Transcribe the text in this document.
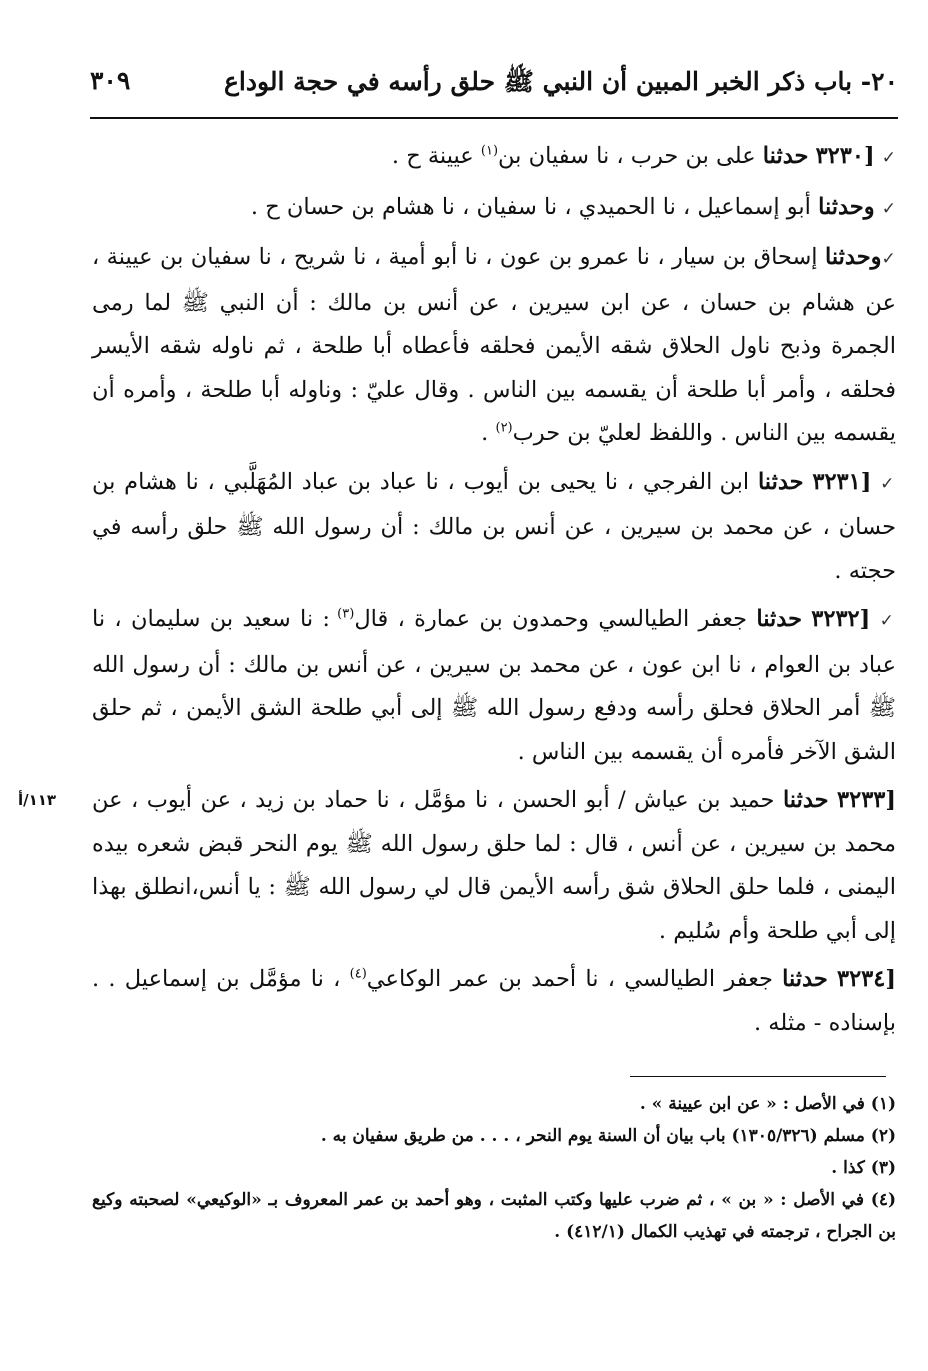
٢٠- باب ذكر الخبر المبين أن النبي ﷺ حلق رأسه في حجة الوداع
٣٠٩
١١٣/أ

✓ [٣٢٣٠ حدثنا على بن حرب ، نا سفيان بن$^{(١)}$ عيينة ح .

✓ وحدثنا أبو إسماعيل ، نا الحميدي ، نا سفيان ، نا هشام بن حسان ح .

✓وحدثنا إسحاق بن سيار ، نا عمرو بن عون ، نا أبو أمية ، نا شريح ، نا سفيان بن عيينة ، عن هشام بن حسان ، عن ابن سيرين ، عن أنس بن مالك : أن النبي ﷺ لما رمى الجمرة وذبح ناول الحلاق شقه الأيمن فحلقه فأعطاه أبا طلحة ، ثم ناوله شقه الأيسر فحلقه ، وأمر أبا طلحة أن يقسمه بين الناس . وقال عليّ : وناوله أبا طلحة ، وأمره أن يقسمه بين الناس . واللفظ لعليّ بن حرب$^{(٢)}$ .

✓ [٣٢٣١ حدثنا ابن الفرجي ، نا يحيى بن أيوب ، نا عباد بن عباد المُهَلَّبي ، نا هشام بن حسان ، عن محمد بن سيرين ، عن أنس بن مالك : أن رسول الله ﷺ حلق رأسه في حجته .

✓ [٣٢٣٢ حدثنا جعفر الطيالسي وحمدون بن عمارة ، قال$^{(٣)}$ : نا سعيد بن سليمان ، نا عباد بن العوام ، نا ابن عون ، عن محمد بن سيرين ، عن أنس بن مالك : أن رسول الله ﷺ أمر الحلاق فحلق رأسه ودفع رسول الله ﷺ إلى أبي طلحة الشق الأيمن ، ثم حلق الشق الآخر فأمره أن يقسمه بين الناس .

[٣٢٣٣ حدثنا حميد بن عياش / أبو الحسن ، نا مؤمَّل ، نا حماد بن زيد ، عن أيوب ، عن محمد بن سيرين ، عن أنس ، قال : لما حلق رسول الله ﷺ يوم النحر قبض شعره بيده اليمنى ، فلما حلق الحلاق شق رأسه الأيمن قال لي رسول الله ﷺ : يا أنس،انطلق بهذا إلى أبي طلحة وأم سُليم .

[٣٢٣٤ حدثنا جعفر الطيالسي ، نا أحمد بن عمر الوكاعي$^{(٤)}$ ، نا مؤمَّل بن إسماعيل . . بإسناده - مثله .

(١) في الأصل : « عن ابن عيينة » .
(٢) مسلم (١٣٠٥/٣٢٦) باب بيان أن السنة يوم النحر ، . . . من طريق سفيان به .
(٣) كذا .
(٤) في الأصل : « بن » ، ثم ضرب عليها وكتب المثبت ، وهو أحمد بن عمر المعروف بـ «الوكيعي» لصحبته وكيع بن الجراح ، ترجمته في تهذيب الكمال (٤١٢/١) .
